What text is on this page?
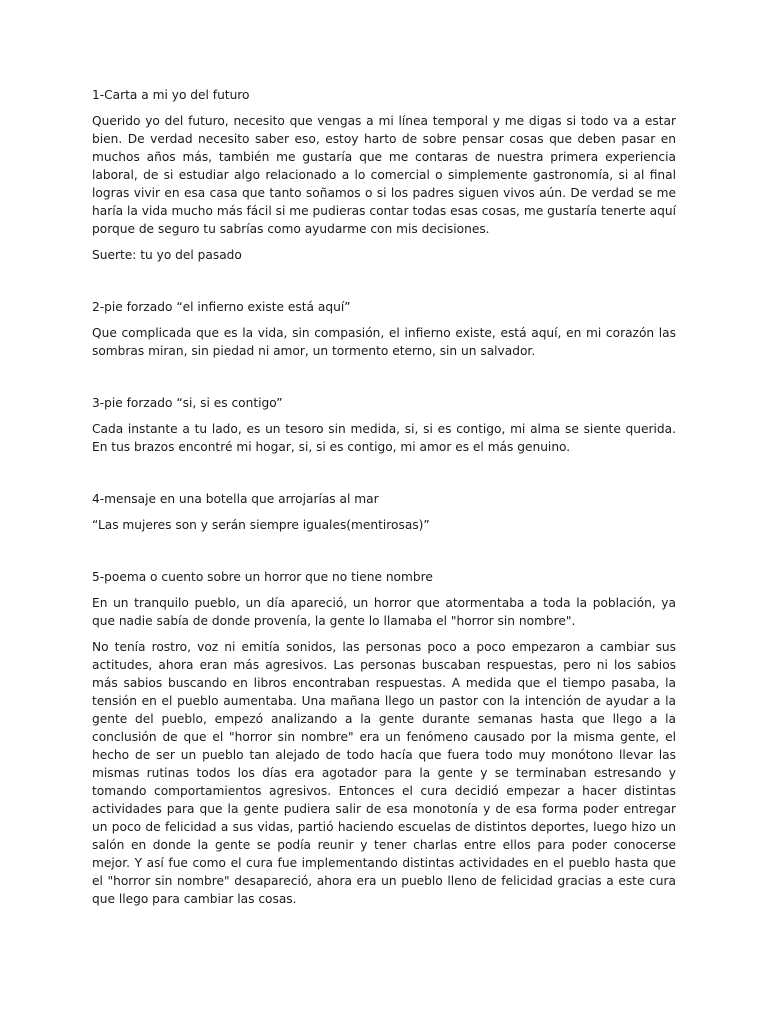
1-Carta a mi yo del futuro

Querido yo del futuro, necesito que vengas a mi línea temporal y me digas si todo va a estar bien. De verdad necesito saber eso, estoy harto de sobre pensar cosas que deben pasar en muchos años más, también me gustaría que me contaras de nuestra primera experiencia laboral, de si estudiar algo relacionado a lo comercial o simplemente gastronomía, si al final logras vivir en esa casa que tanto soñamos o si los padres siguen vivos aún. De verdad se me haría la vida mucho más fácil si me pudieras contar todas esas cosas, me gustaría tenerte aquí porque de seguro tu sabrías como ayudarme con mis decisiones.

Suerte: tu yo del pasado

2-pie forzado “el infierno existe está aquí”

Que complicada que es la vida, sin compasión, el infierno existe, está aquí, en mi corazón las sombras miran, sin piedad ni amor, un tormento eterno, sin un salvador.

3-pie forzado “si, si es contigo”

Cada instante a tu lado, es un tesoro sin medida, si, si es contigo, mi alma se siente querida. En tus brazos encontré mi hogar, si, si es contigo, mi amor es el más genuino.

4-mensaje en una botella que arrojarías al mar

“Las mujeres son y serán siempre iguales(mentirosas)”

5-poema o cuento sobre un horror que no tiene nombre

En un tranquilo pueblo, un día apareció, un horror que atormentaba a toda la población, ya que nadie sabía de donde provenía, la gente lo llamaba el "horror sin nombre".

No tenía rostro, voz ni emitía sonidos, las personas poco a poco empezaron a cambiar sus actitudes, ahora eran más agresivos. Las personas buscaban respuestas, pero ni los sabios más sabios buscando en libros encontraban respuestas. A medida que el tiempo pasaba, la tensión en el pueblo aumentaba. Una mañana llego un pastor con la intención de ayudar a la gente del pueblo, empezó analizando a la gente durante semanas hasta que llego a la conclusión de que el "horror sin nombre" era un fenómeno causado por la misma gente, el hecho de ser un pueblo tan alejado de todo hacía que fuera todo muy monótono llevar las mismas rutinas todos los días era agotador para la gente y se terminaban estresando y tomando comportamientos agresivos. Entonces el cura decidió empezar a hacer distintas actividades para que la gente pudiera salir de esa monotonía y de esa forma poder entregar un poco de felicidad a sus vidas, partió haciendo escuelas de distintos deportes, luego hizo un salón en donde la gente se podía reunir y tener charlas entre ellos para poder conocerse mejor. Y así fue como el cura fue implementando distintas actividades en el pueblo hasta que el "horror sin nombre" desapareció, ahora era un pueblo lleno de felicidad gracias a este cura que llego para cambiar las cosas.
